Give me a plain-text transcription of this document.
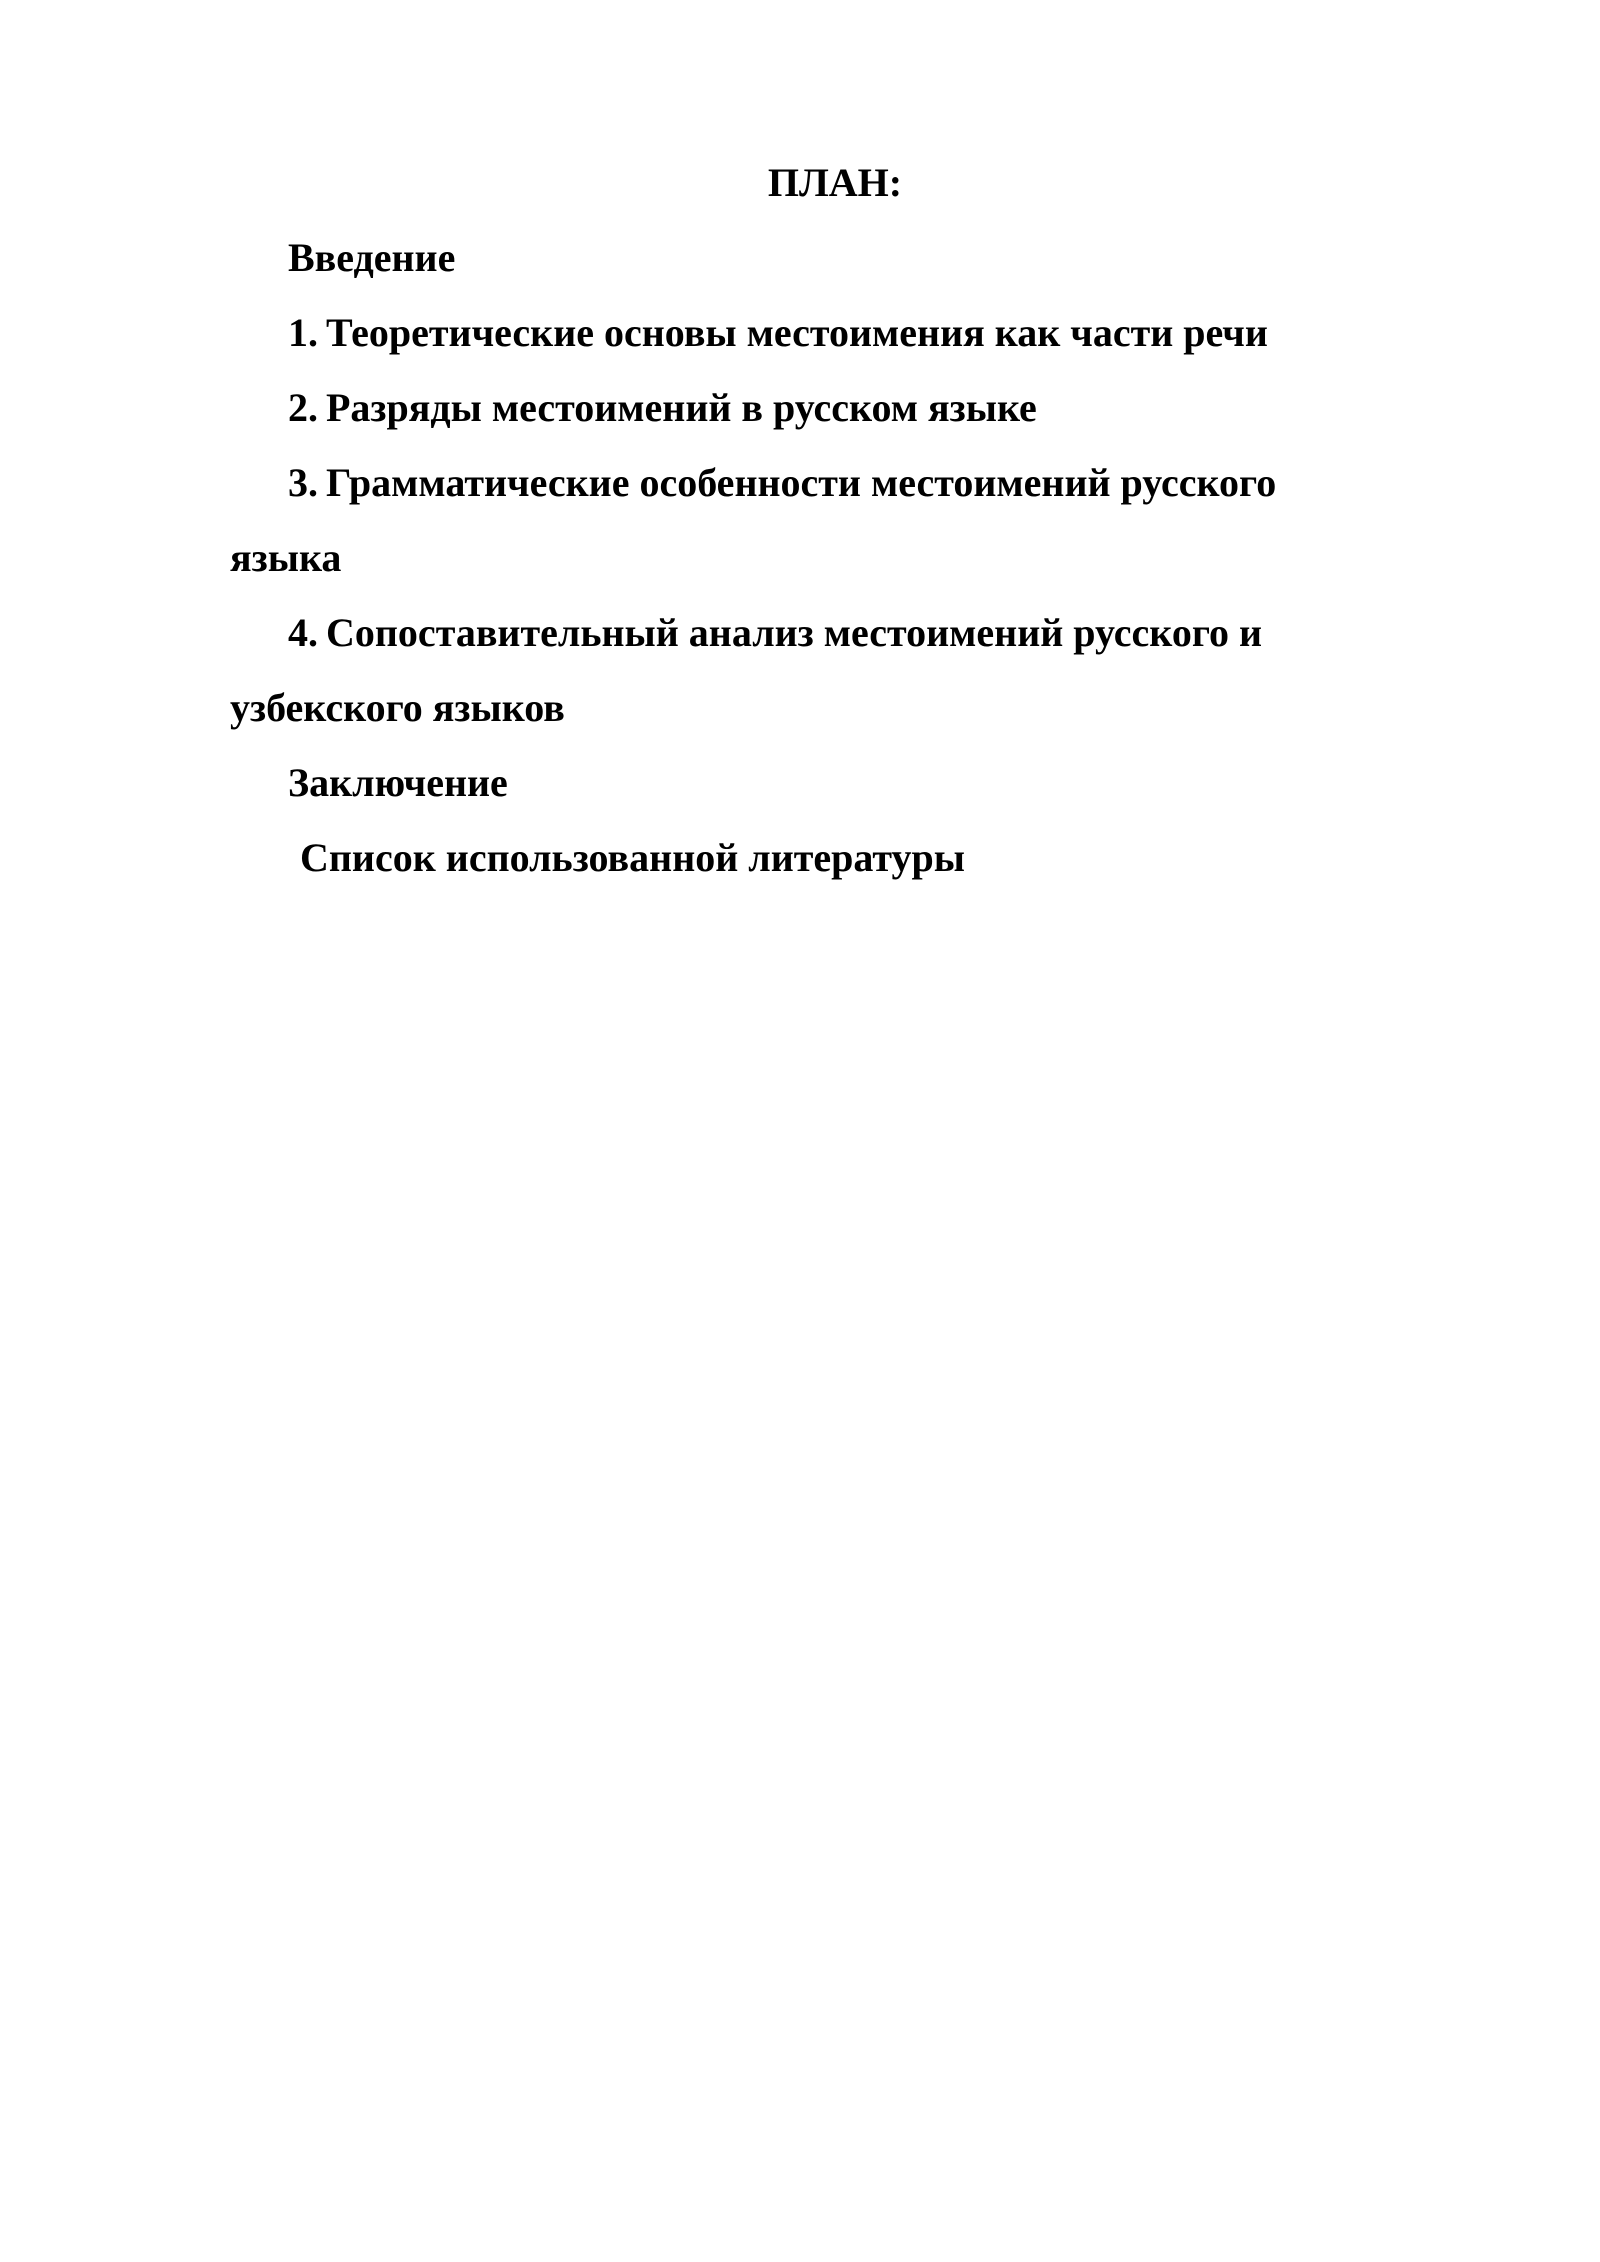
ПЛАН:
Введение
1. Теоретические основы местоимения как части речи
2. Разряды местоимений в русском языке
3. Грамматические особенности местоимений русского языка
4. Сопоставительный анализ местоимений русского и узбекского языков
Заключение
Список использованной литературы
